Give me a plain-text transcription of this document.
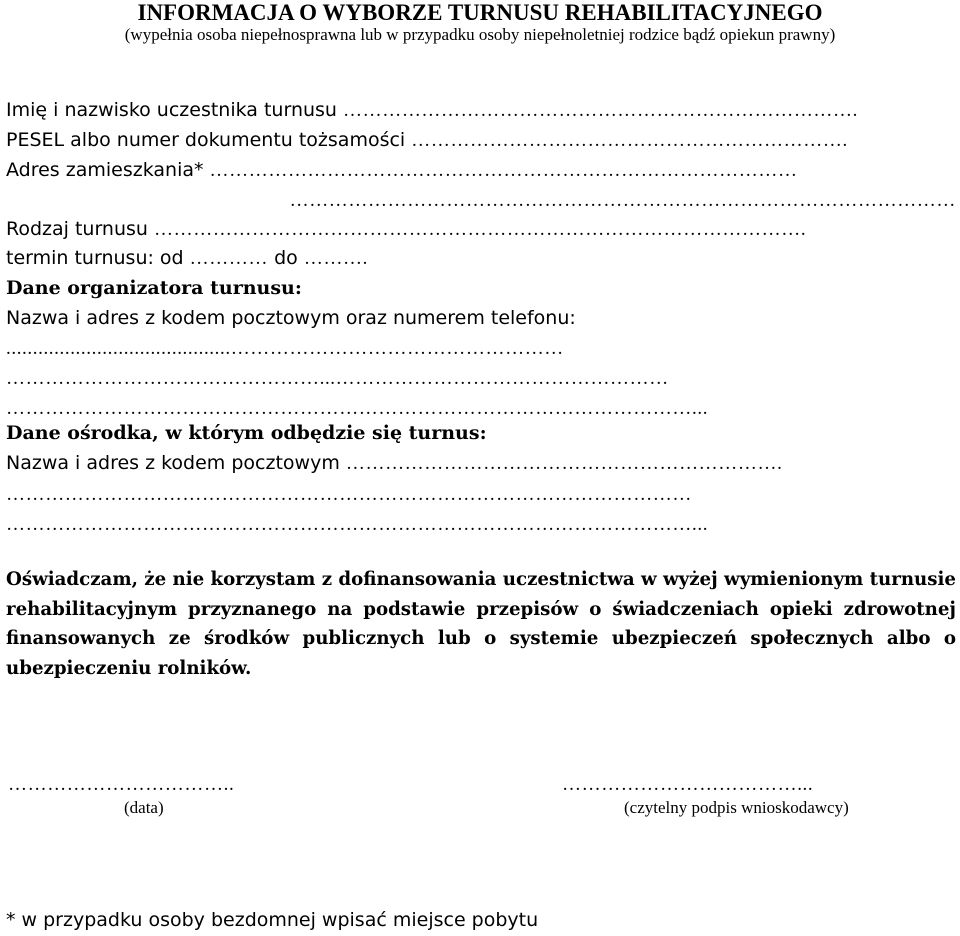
INFORMACJA O WYBORZE TURNUSU REHABILITACYJNEGO
(wypełnia osoba niepełnosprawna lub w przypadku osoby niepełnoletniej rodzice bądź opiekun prawny)
Imię i nazwisko uczestnika turnusu …………………………………………………………………….
PESEL albo numer dokumentu tożsamości ………………………………………………………….
Adres zamieszkania* ………………………………………………………………………………
…………………………………………………………………………………………
Rodzaj turnusu ……………………………………………………………………………………….
termin turnusu: od ………… do ……….
Dane organizatora turnusu:
Nazwa i adres z kodem pocztowym oraz numerem telefonu:
..........................................……………………………………………
…………………………………………...……………………………………………
……………………………………………………………………………………………...
Dane ośrodka, w którym odbędzie się turnus:
Nazwa i adres z kodem pocztowym ………………………………………………………….
……………………………………………………………………………………………
……………………………………………………………………………………………...
Oświadczam, że nie korzystam z dofinansowania uczestnictwa w wyżej wymienionym turnusie rehabilitacyjnym przyznanego na podstawie przepisów o świadczeniach opieki zdrowotnej finansowanych ze środków publicznych lub o systemie ubezpieczeń społecznych albo o ubezpieczeniu rolników.
……………………………..
(data)
………………………………...
(czytelny podpis wnioskodawcy)
* w przypadku osoby bezdomnej wpisać miejsce pobytu
